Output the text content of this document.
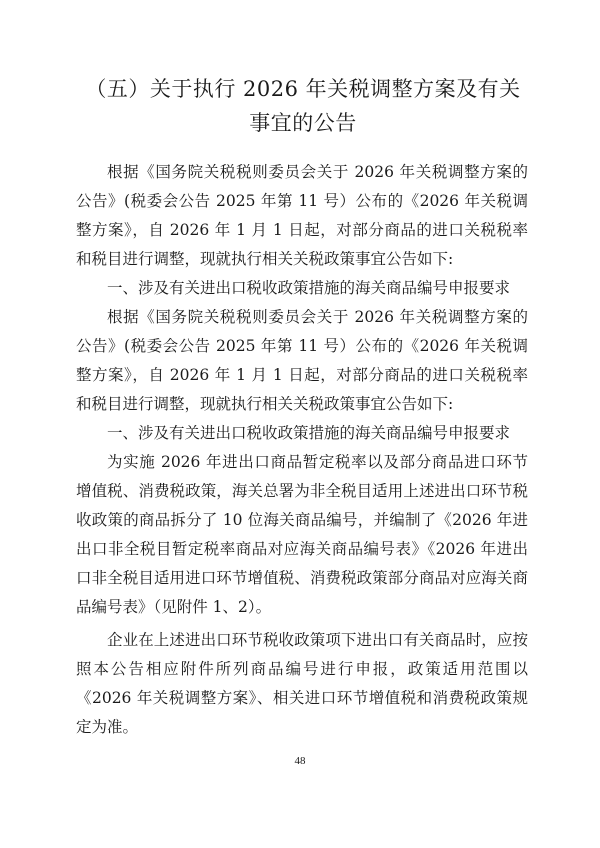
（五）关于执行 2026 年关税调整方案及有关事宜的公告

根据《国务院关税税则委员会关于 2026 年关税调整方案的公告》(税委会公告 2025 年第 11 号）公布的《2026 年关税调整方案》，自 2026 年 1 月 1 日起，对部分商品的进口关税税率和税目进行调整，现就执行相关关税政策事宜公告如下:

一、涉及有关进出口税收政策措施的海关商品编号申报要求

根据《国务院关税税则委员会关于 2026 年关税调整方案的公告》(税委会公告 2025 年第 11 号）公布的《2026 年关税调整方案》，自 2026 年 1 月 1 日起，对部分商品的进口关税税率和税目进行调整，现就执行相关关税政策事宜公告如下:

一、涉及有关进出口税收政策措施的海关商品编号申报要求

为实施 2026 年进出口商品暂定税率以及部分商品进口环节增值税、消费税政策，海关总署为非全税目适用上述进出口环节税收政策的商品拆分了 10 位海关商品编号，并编制了《2026 年进出口非全税目暂定税率商品对应海关商品编号表》《2026 年进出口非全税目适用进口环节增值税、消费税政策部分商品对应海关商品编号表》（见附件 1、2）。

企业在上述进出口环节税收政策项下进出口有关商品时，应按照本公告相应附件所列商品编号进行申报，政策适用范围以《2026 年关税调整方案》、相关进口环节增值税和消费税政策规定为准。

48
